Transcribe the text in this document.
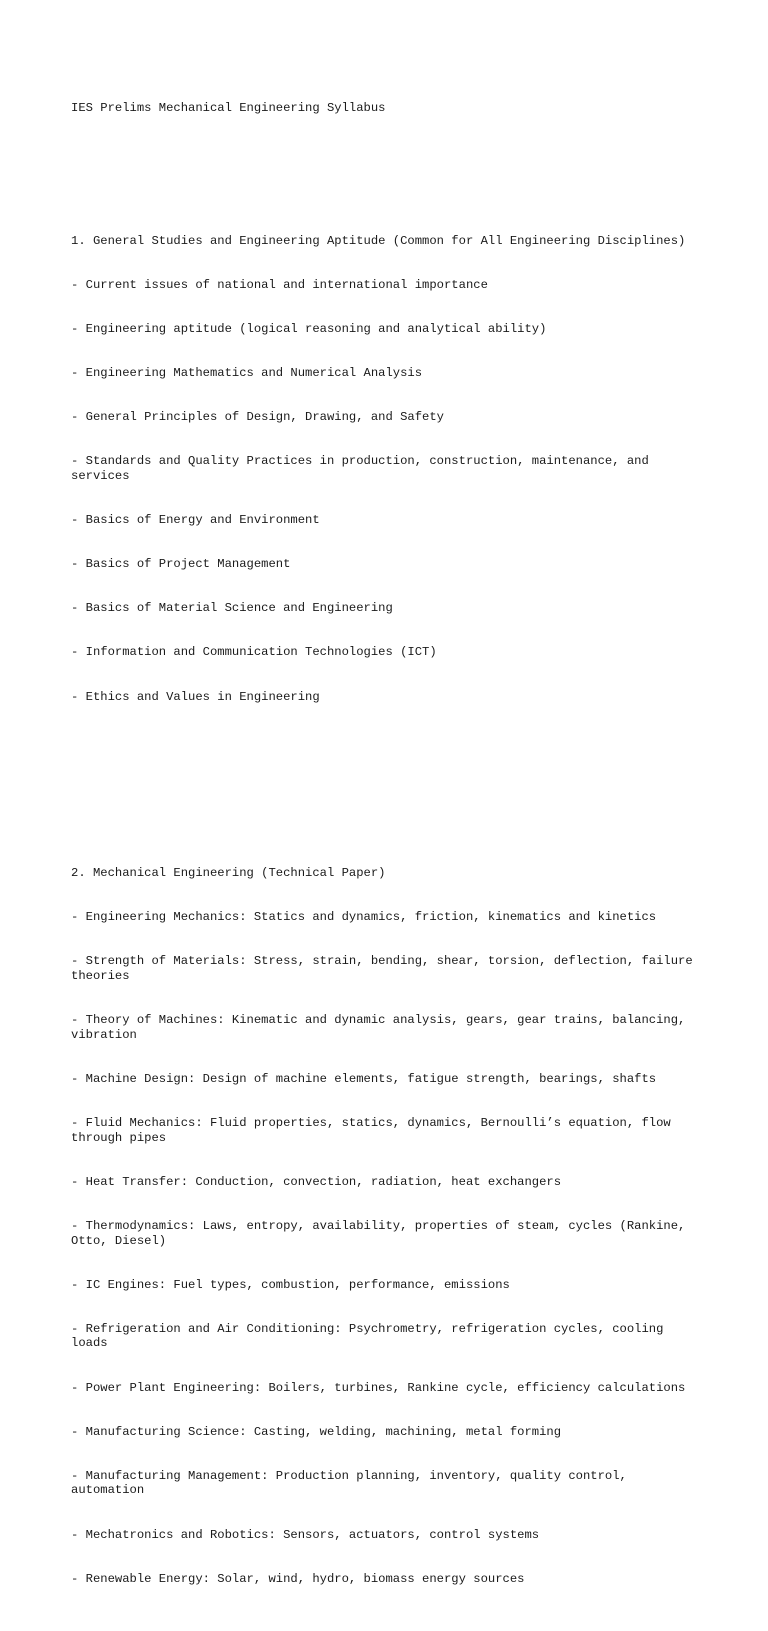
IES Prelims Mechanical Engineering Syllabus

1. General Studies and Engineering Aptitude (Common for All Engineering Disciplines)

- Current issues of national and international importance

- Engineering aptitude (logical reasoning and analytical ability)

- Engineering Mathematics and Numerical Analysis

- General Principles of Design, Drawing, and Safety

- Standards and Quality Practices in production, construction, maintenance, and services

- Basics of Energy and Environment

- Basics of Project Management

- Basics of Material Science and Engineering

- Information and Communication Technologies (ICT)

- Ethics and Values in Engineering

2. Mechanical Engineering (Technical Paper)

- Engineering Mechanics: Statics and dynamics, friction, kinematics and kinetics

- Strength of Materials: Stress, strain, bending, shear, torsion, deflection, failure theories

- Theory of Machines: Kinematic and dynamic analysis, gears, gear trains, balancing, vibration

- Machine Design: Design of machine elements, fatigue strength, bearings, shafts

- Fluid Mechanics: Fluid properties, statics, dynamics, Bernoulli’s equation, flow through pipes

- Heat Transfer: Conduction, convection, radiation, heat exchangers

- Thermodynamics: Laws, entropy, availability, properties of steam, cycles (Rankine, Otto, Diesel)

- IC Engines: Fuel types, combustion, performance, emissions

- Refrigeration and Air Conditioning: Psychrometry, refrigeration cycles, cooling loads

- Power Plant Engineering: Boilers, turbines, Rankine cycle, efficiency calculations

- Manufacturing Science: Casting, welding, machining, metal forming

- Manufacturing Management: Production planning, inventory, quality control, automation

- Mechatronics and Robotics: Sensors, actuators, control systems

- Renewable Energy: Solar, wind, hydro, biomass energy sources
